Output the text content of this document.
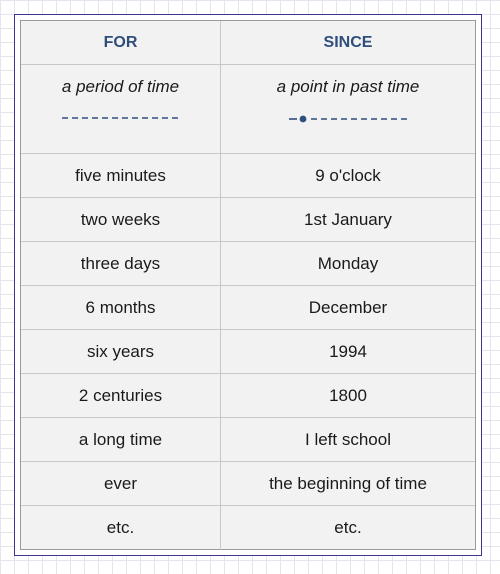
FOR	SINCE
a period of time	a point in past time
five minutes	9 o'clock
two weeks	1st January
three days	Monday
6 months	December
six years	1994
2 centuries	1800
a long time	I left school
ever	the beginning of time
etc.	etc.
